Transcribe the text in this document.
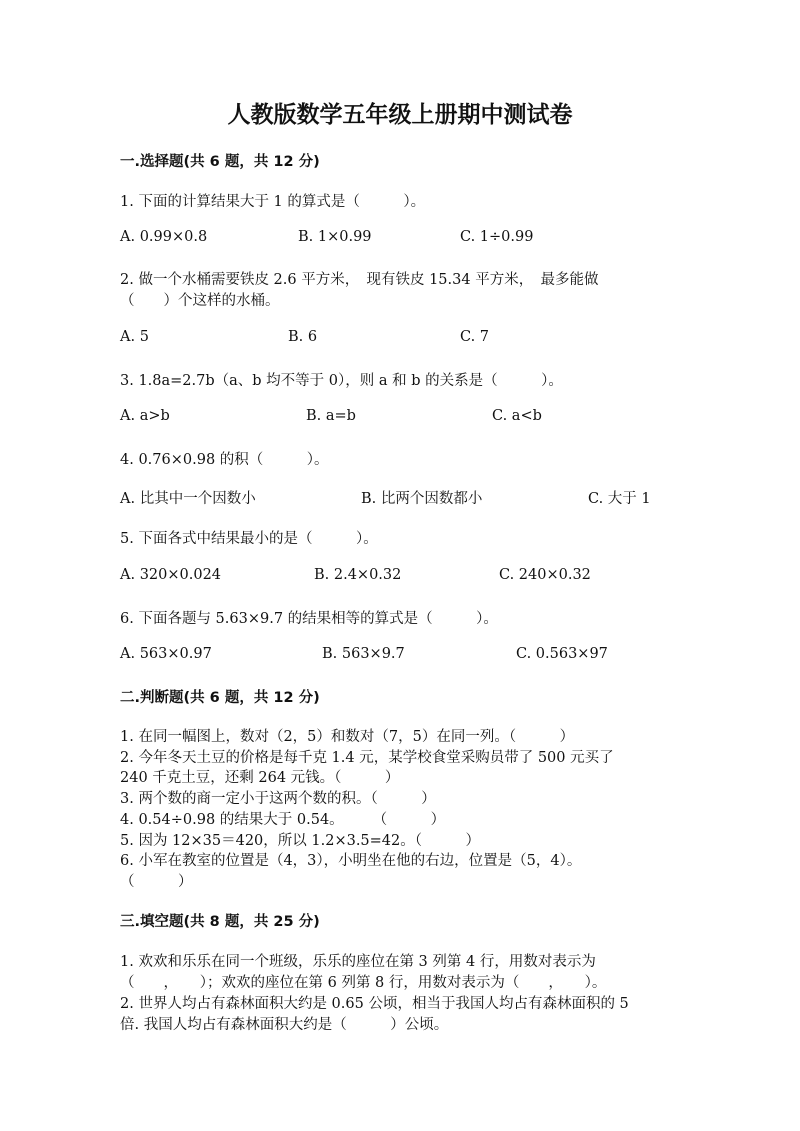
人教版数学五年级上册期中测试卷
一.选择题(共 6 题，共 12 分)
1. 下面的计算结果大于 1 的算式是（　　　）。
A. 0.99×0.8	B. 1×0.99	C. 1÷0.99
2. 做一个水桶需要铁皮 2.6 平方米，　现有铁皮 15.34 平方米，　最多能做
（　　）个这样的水桶。
A. 5	B. 6	C. 7
3. 1.8a=2.7b（a、b 均不等于 0），则 a 和 b 的关系是（　　　）。
A. a>b	B. a=b	C. a<b
4. 0.76×0.98 的积（　　　）。
A. 比其中一个因数小	B. 比两个因数都小	C. 大于 1
5. 下面各式中结果最小的是（　　　）。
A. 320×0.024	B. 2.4×0.32	C. 240×0.32
6. 下面各题与 5.63×9.7 的结果相等的算式是（　　　）。
A. 563×0.97	B. 563×9.7	C. 0.563×97
二.判断题(共 6 题，共 12 分)
1. 在同一幅图上，数对（2，5）和数对（7，5）在同一列。（　　　）
2. 今年冬天土豆的价格是每千克 1.4 元，某学校食堂采购员带了 500 元买了
240 千克土豆，还剩 264 元钱。（　　　）
3. 两个数的商一定小于这两个数的积。（　　　）
4. 0.54÷0.98 的结果大于 0.54。　　　（　　　）
5. 因为 12×35＝420，所以 1.2×3.5=42。（　　　）
6. 小军在教室的位置是（4，3），小明坐在他的右边，位置是（5，4）。
（　　　）
三.填空题(共 8 题，共 25 分)
1. 欢欢和乐乐在同一个班级，乐乐的座位在第 3 列第 4 行，用数对表示为
（　　，　　）；欢欢的座位在第 6 列第 8 行，用数对表示为（　　，　　）。
2. 世界人均占有森林面积大约是 0.65 公顷，相当于我国人均占有森林面积的 5
倍. 我国人均占有森林面积大约是（　　　）公顷。
